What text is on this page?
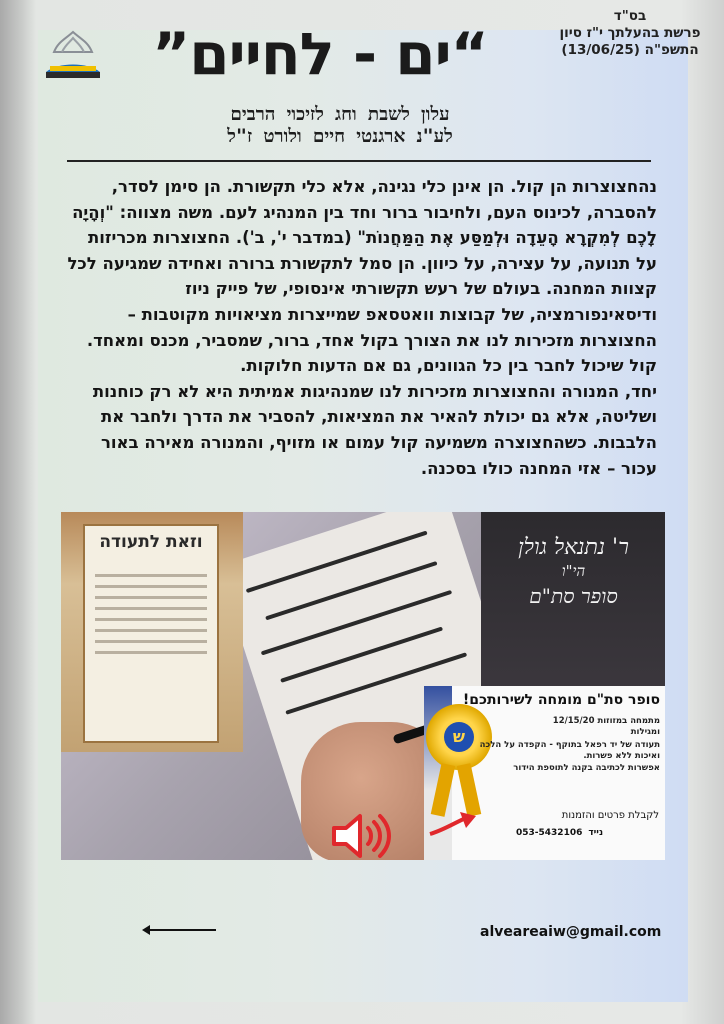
בס"ד
פרשת בהעלתך י"ז סיון
התשפ"ה (13/06/25)
“ים - לחיים”
עלון לשבת וחג לזיכוי הרבים
לע"נ ארגנטי חיים ולורט ז"ל

נהחצוצרות הן קול. הן אינן כלי נגינה, אלא כלי תקשורת. הן סימן לסדר, להסברה, לכינוס העם, ולחיבור ברור וחד בין המנהיג לעם. משה מצווה: "וְהָיָה לָכֶם לְמִקְרָא הָעֵדָה וּלְמַסַּע אֶת הַמַּחֲנוֹת" (במדבר י', ב'). החצוצרות מכריזות על תנועה, על עצירה, על כיוון. הן סמל לתקשורת ברורה ואחידה שמגיעה לכל קצוות המחנה. בעולם של רעש תקשורתי אינסופי, של פייק ניוז ודיסאינפורמציה, של קבוצות וואטסאפ שמייצרות מציאויות מקוטבות – החצוצרות מזכירות לנו את הצורך בקול אחד, ברור, שמסביר, מכנס ומאחד. קול שיכול לחבר בין כל הגוונים, גם אם הדעות חלוקות.

יחד, המנורה והחצוצרות מזכירות לנו שמנהיגות אמיתית היא לא רק כוחנות ושליטה, אלא גם יכולת להאיר את המציאות, להסביר את הדרך ולחבר את הלבבות. כשהחצוצרה משמיעה קול עמום או מזויף, והמנורה מאירה באור עכור – אזי המחנה כולו בסכנה.

וזאת לתעודה	ר' נתנאל גולן
הי"ו
סופר סת"ם
ש
סופר סת"ם מומחה לשירותכם!
מתמחה במזוזות 12/15/20
ומגילות
תעודה של יד רפאל בתוקף - הקפדה על הלכה
ואיכות ללא פשרות.
אפשרות לכתיבה בקנה לתוספת הידור
לקבלת פרטים והזמנות
053-5432106 נייד
alveareaiw@gmail.com
